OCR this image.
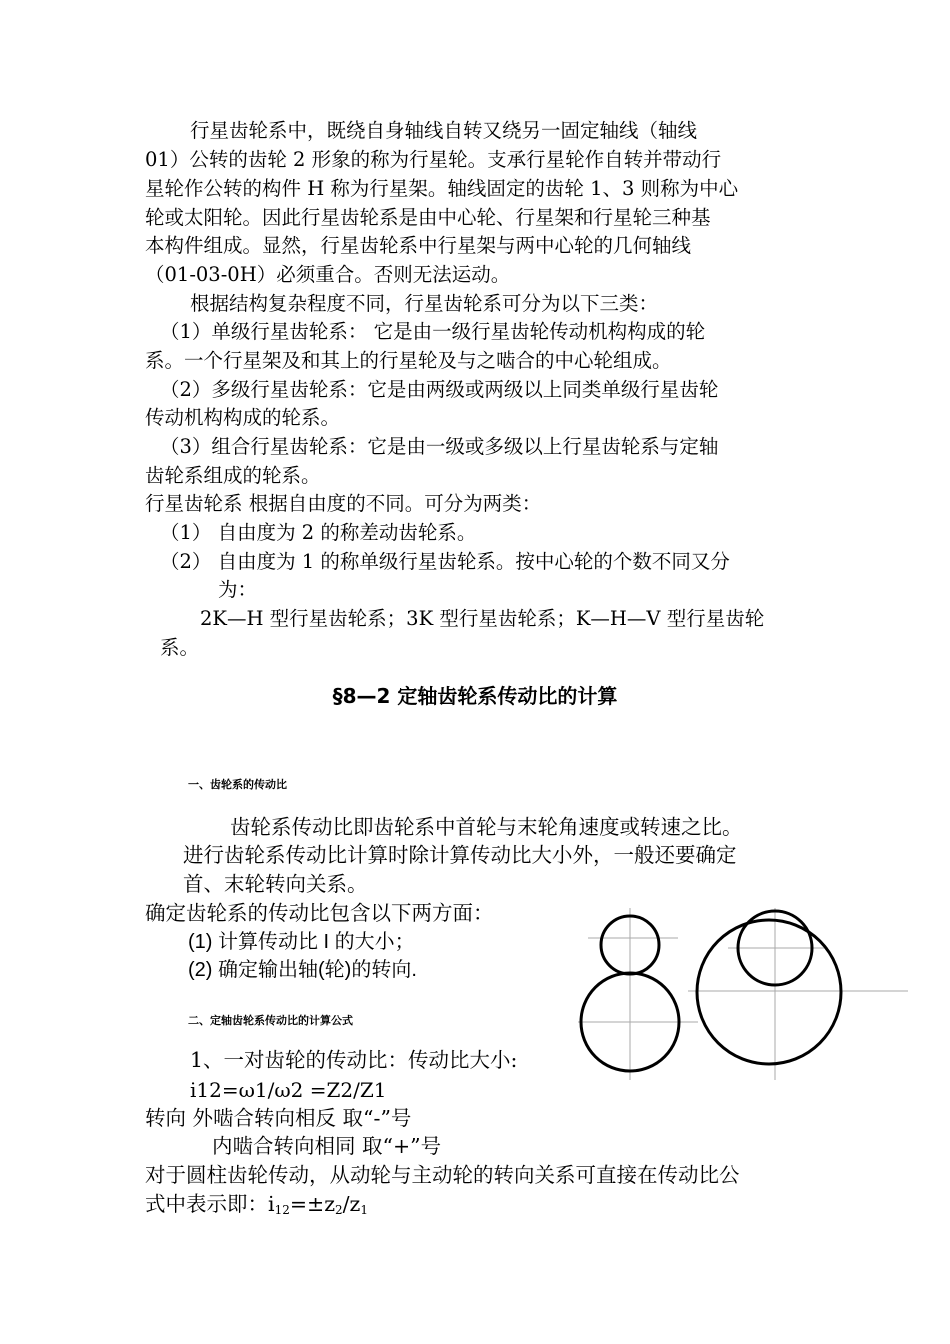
行星齿轮系中，既绕自身轴线自转又绕另一固定轴线（轴线
01）公转的齿轮 2 形象的称为行星轮。支承行星轮作自转并带动行
星轮作公转的构件 H 称为行星架。轴线固定的齿轮 1、3 则称为中心
轮或太阳轮。因此行星齿轮系是由中心轮、行星架和行星轮三种基
本构件组成。显然，行星齿轮系中行星架与两中心轮的几何轴线
（01-03-0H）必须重合。否则无法运动。
根据结构复杂程度不同，行星齿轮系可分为以下三类：
（1）单级行星齿轮系： 它是由一级行星齿轮传动机构构成的轮
系。一个行星架及和其上的行星轮及与之啮合的中心轮组成。
（2）多级行星齿轮系：它是由两级或两级以上同类单级行星齿轮
传动机构构成的轮系。
（3）组合行星齿轮系：它是由一级或多级以上行星齿轮系与定轴
齿轮系组成的轮系。
行星齿轮系 根据自由度的不同。可分为两类：
（1） 自由度为 2 的称差动齿轮系。
（2） 自由度为 1 的称单级行星齿轮系。按中心轮的个数不同又分
为：
2K—H 型行星齿轮系；3K 型行星齿轮系；K—H—V 型行星齿轮
系。
§8—2 定轴齿轮系传动比的计算
一、齿轮系的传动比
齿轮系传动比即齿轮系中首轮与末轮角速度或转速之比。
进行齿轮系传动比计算时除计算传动比大小外，一般还要确定
首、末轮转向关系。
确定齿轮系的传动比包含以下两方面：
(1) 计算传动比 I 的大小；
(2) 确定输出轴(轮)的转向.
二、定轴齿轮系传动比的计算公式
1、一对齿轮的传动比：传动比大小:
i12=ω1/ω2 =Z2/Z1
转向 外啮合转向相反 取“-”号
内啮合转向相同 取“+”号
对于圆柱齿轮传动，从动轮与主动轮的转向关系可直接在传动比公
式中表示即：$i_{12}=\pm z_2/z_1$
